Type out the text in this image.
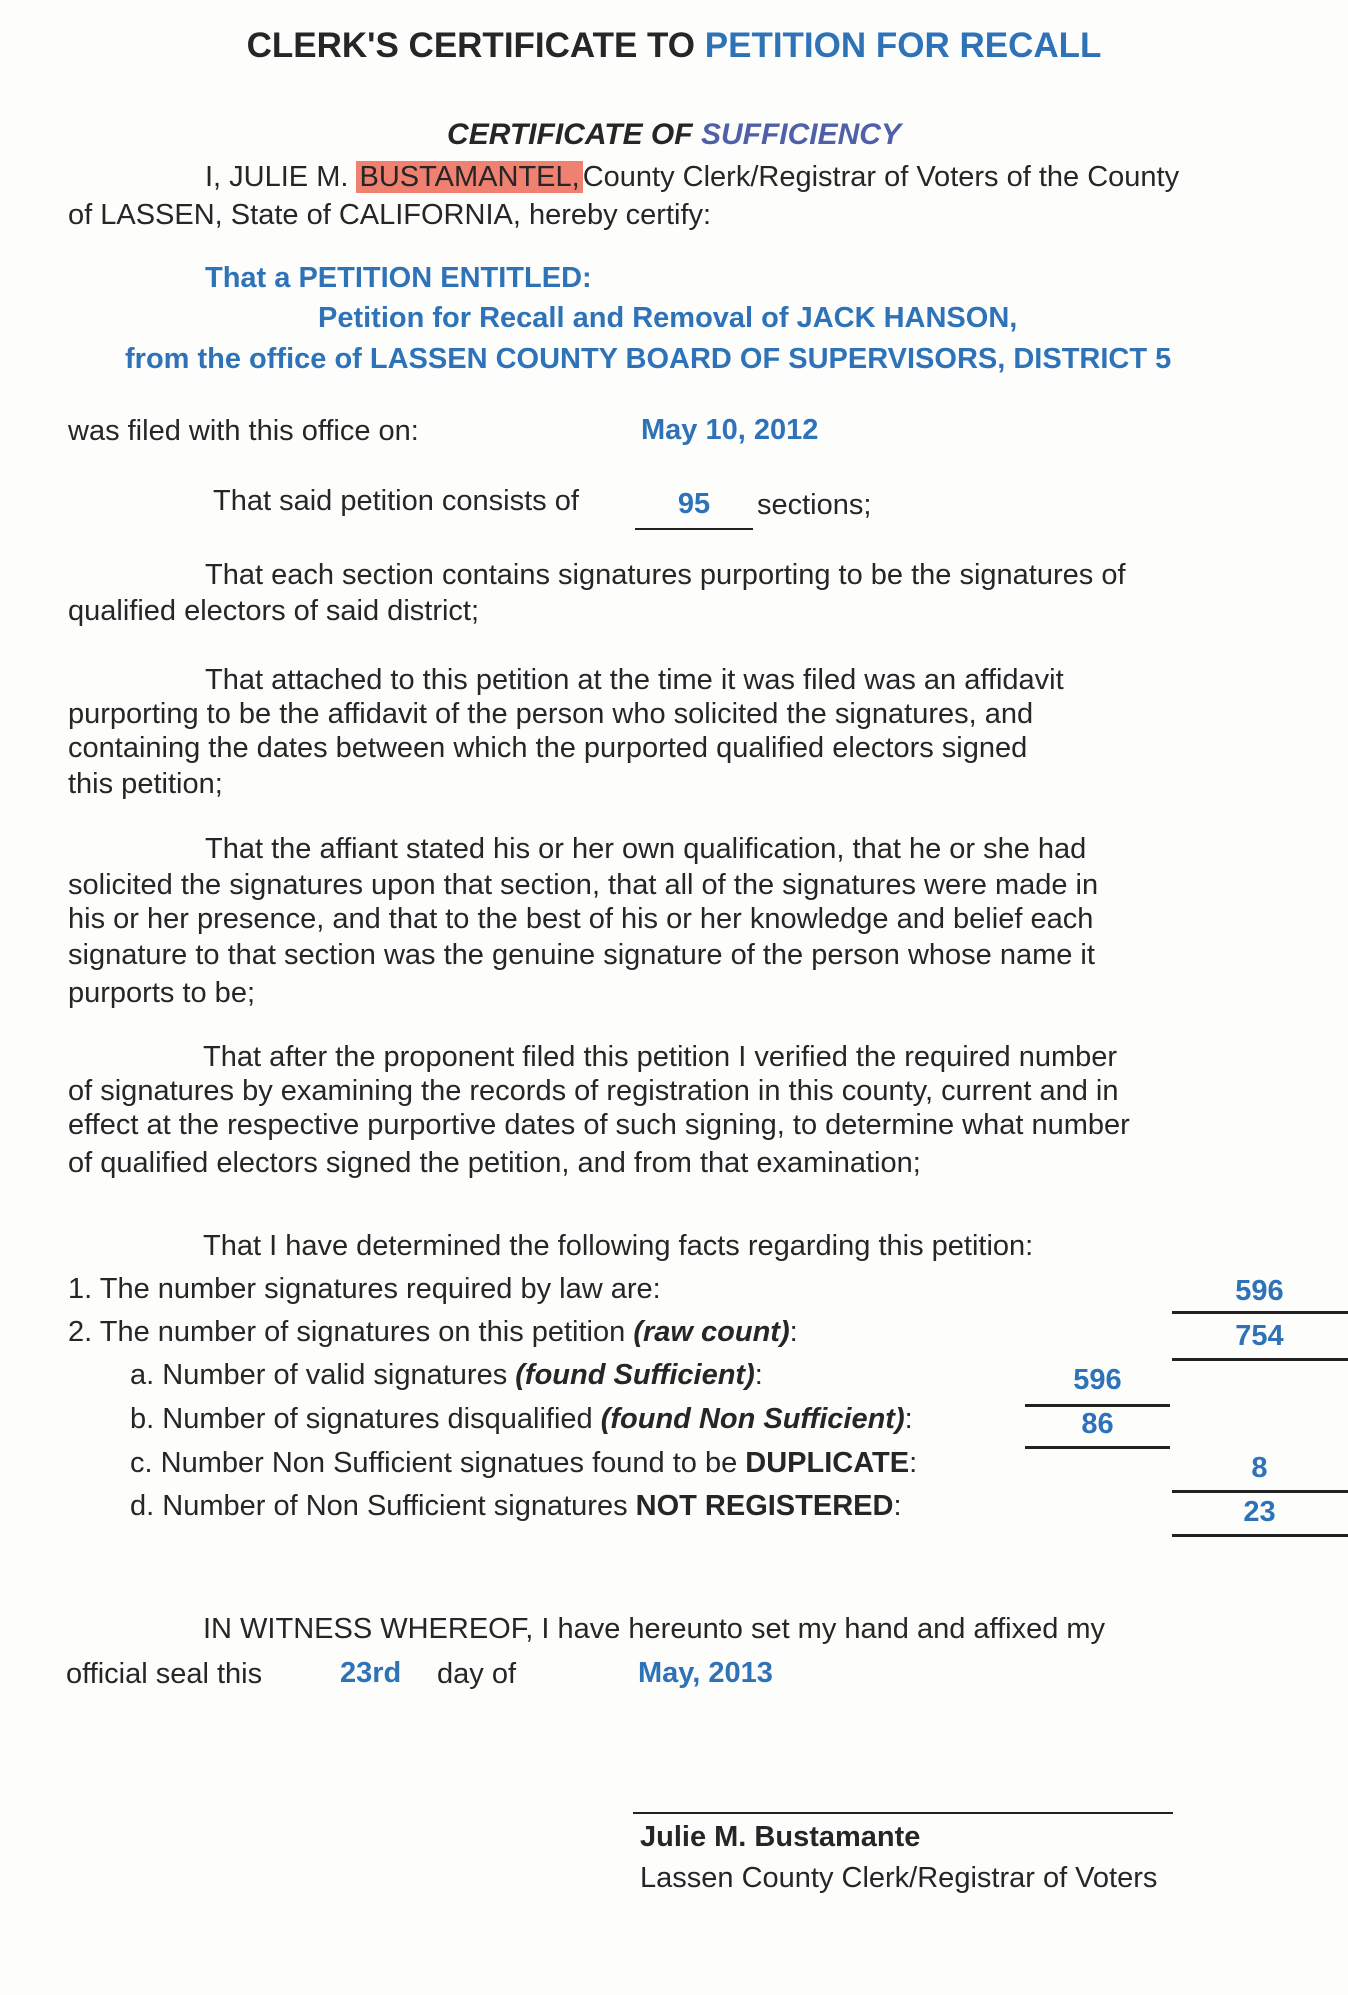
CLERK'S CERTIFICATE TO PETITION FOR RECALL
CERTIFICATE OF SUFFICIENCY
I, JULIE M. BUSTAMANTEL, County Clerk/Registrar of Voters of the County
of LASSEN, State of CALIFORNIA, hereby certify:
That a PETITION ENTITLED:
Petition for Recall and Removal of JACK HANSON,
from the office of LASSEN COUNTY BOARD OF SUPERVISORS, DISTRICT 5
was filed with this office on:	May 10, 2012
That said petition consists of	95	sections;
That each section contains signatures purporting to be the signatures of
qualified electors of said district;
That attached to this petition at the time it was filed was an affidavit
purporting to be the affidavit of the person who solicited the signatures, and
containing the dates between which the purported qualified electors signed
this petition;
That the affiant stated his or her own qualification, that he or she had
solicited the signatures upon that section, that all of the signatures were made in
his or her presence, and that to the best of his or her knowledge and belief each
signature to that section was the genuine signature of the person whose name it
purports to be;
That after the proponent filed this petition I verified the required number
of signatures by examining the records of registration in this county, current and in
effect at the respective purportive dates of such signing, to determine what number
of qualified electors signed the petition, and from that examination;
That I have determined the following facts regarding this petition:
1. The number signatures required by law are:	596
2. The number of signatures on this petition (raw count):	754
a. Number of valid signatures (found Sufficient):	596
b. Number of signatures disqualified (found Non Sufficient):	86
c. Number Non Sufficient signatues found to be DUPLICATE:	8
d. Number of Non Sufficient signatures NOT REGISTERED:	23
IN WITNESS WHEREOF, I have hereunto set my hand and affixed my
official seal this	23rd day of	May, 2013
Julie M. Bustamante
Lassen County Clerk/Registrar of Voters
